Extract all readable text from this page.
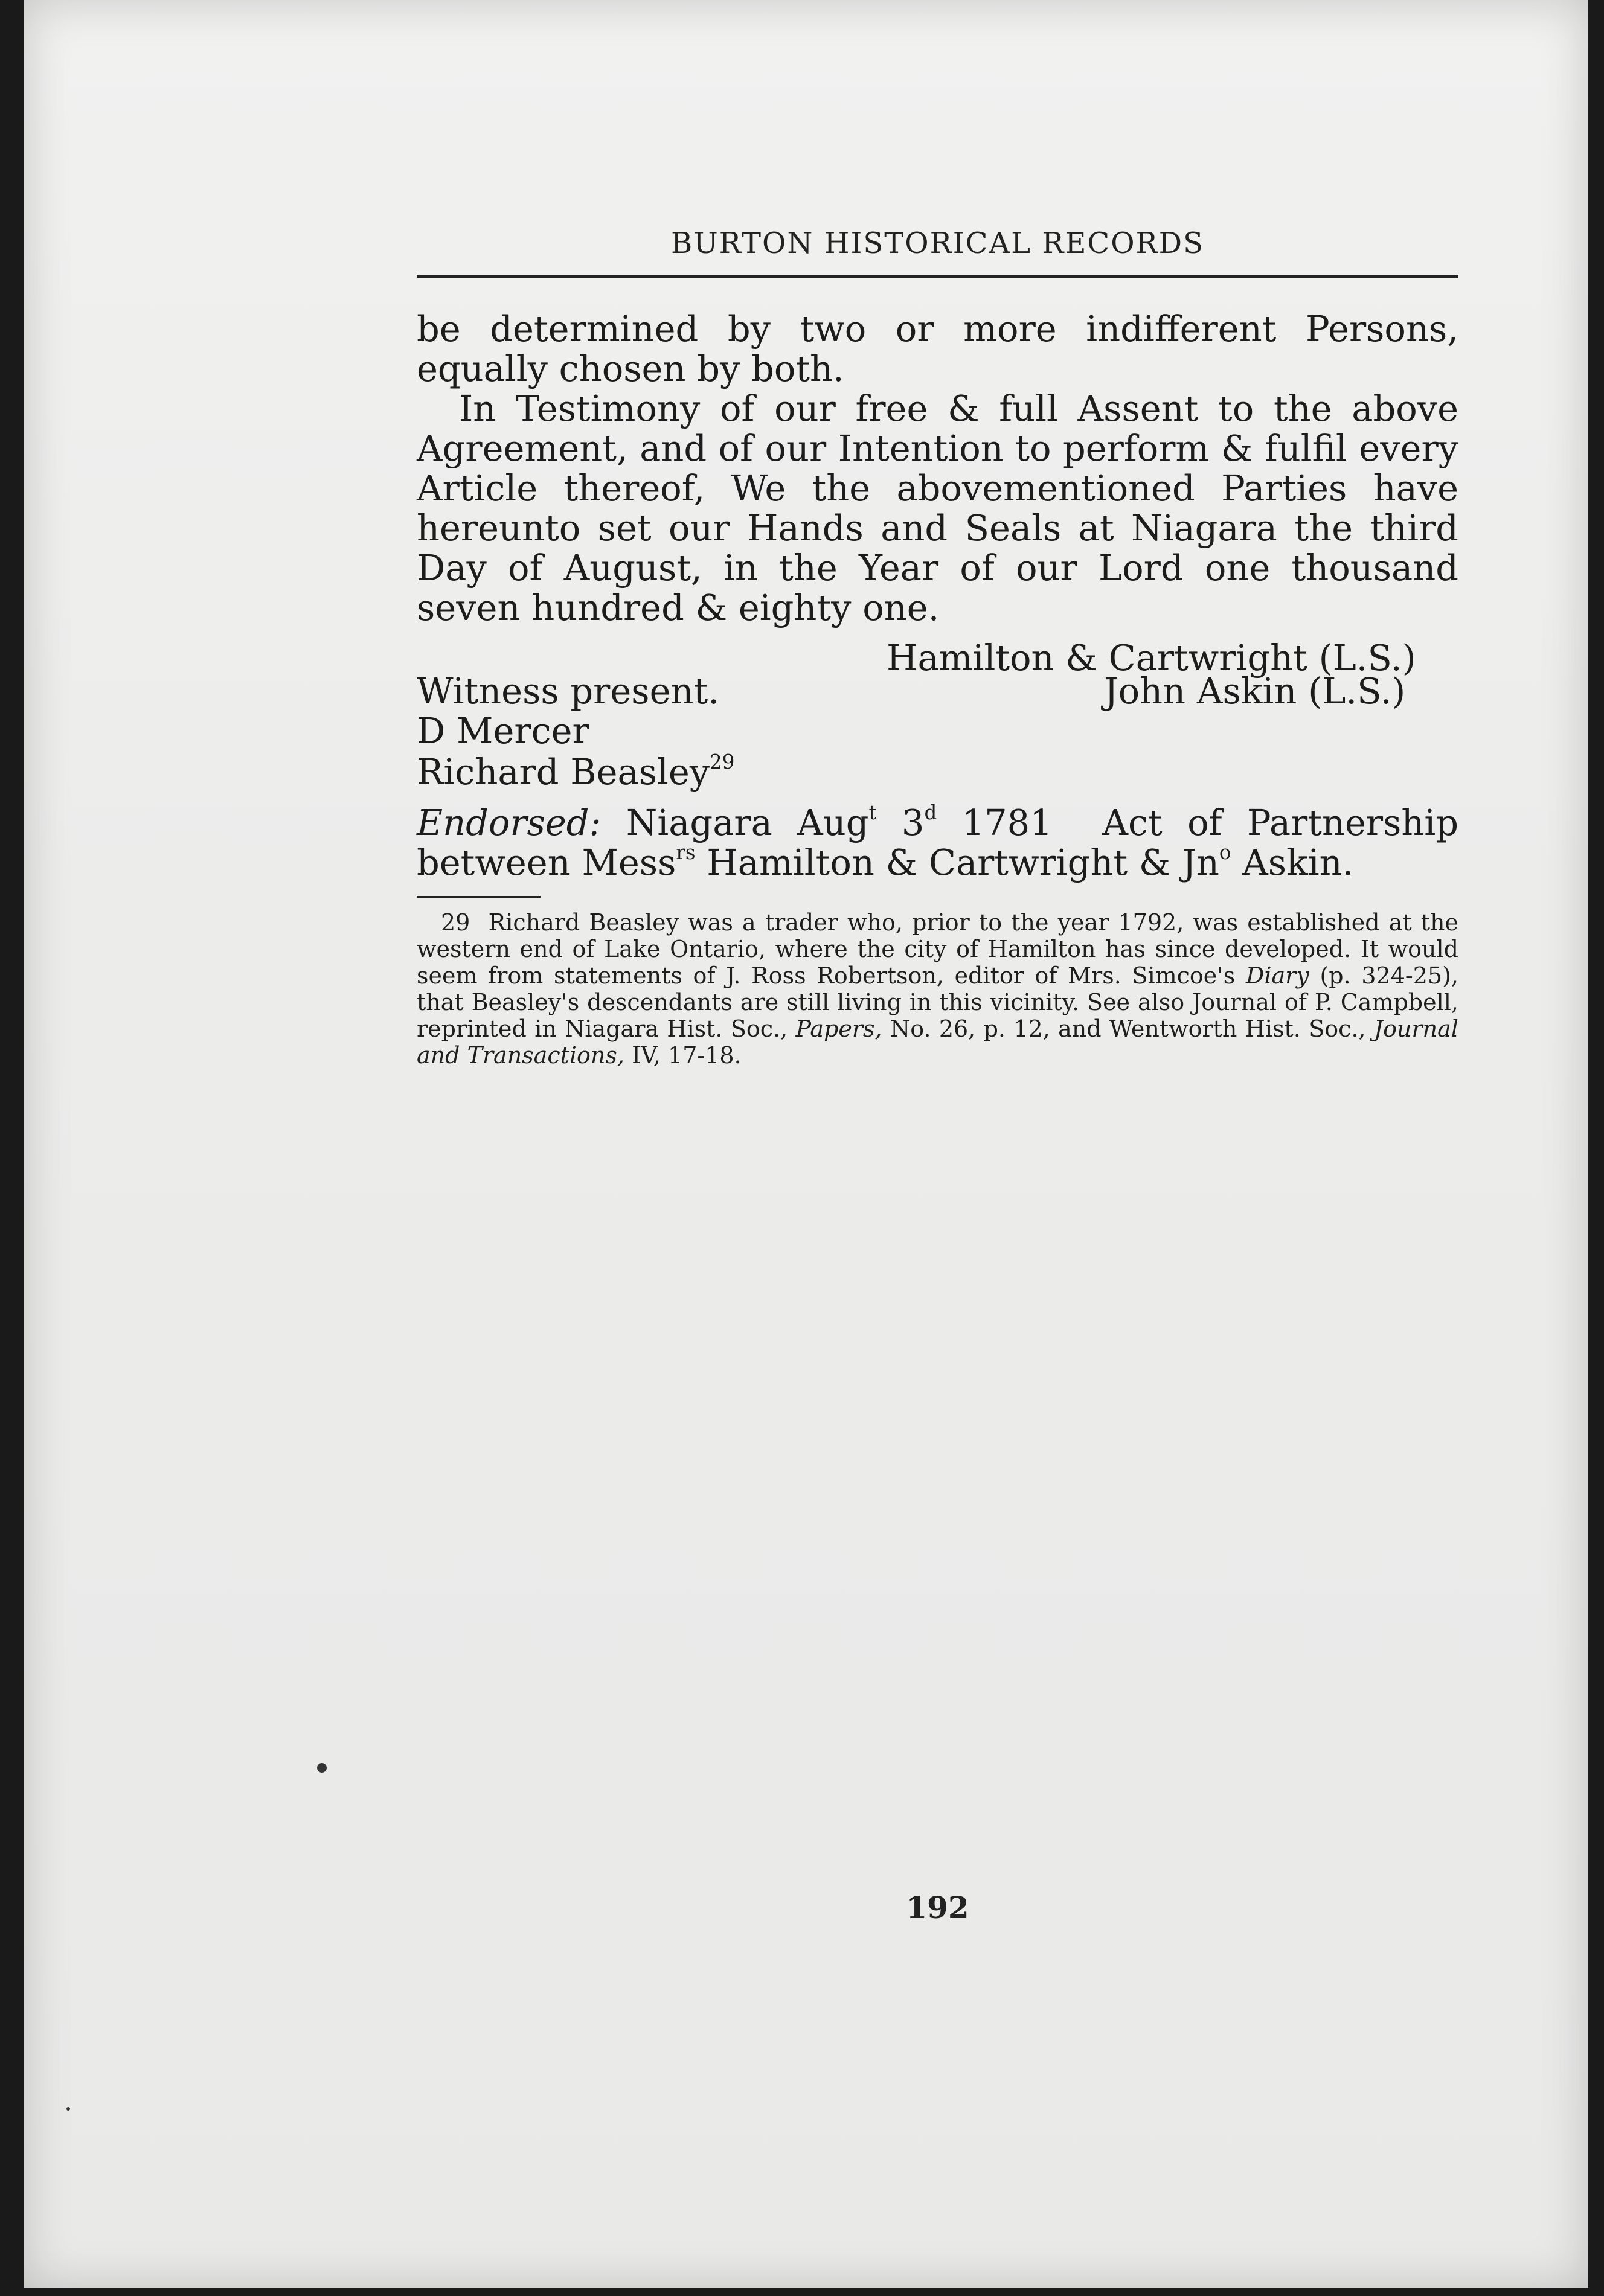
BURTON HISTORICAL RECORDS

be determined by two or more indifferent Persons, equally chosen by both.

In Testimony of our free & full Assent to the above Agreement, and of our Intention to perform & fulfil every Article thereof, We the abovementioned Parties have hereunto set our Hands and Seals at Niagara the third Day of August, in the Year of our Lord one thousand seven hundred & eighty one.

Hamilton & Cartwright (L.S.)
Witness present.	John Askin (L.S.)
D Mercer
Richard Beasley$^{29}$
Endorsed: Niagara Aug$^t$ 3$^d$ 1781 Act of Partnership between Mess$^{rs}$ Hamilton & Cartwright & Jn$^o$ Askin.
29 Richard Beasley was a trader who, prior to the year 1792, was established at the western end of Lake Ontario, where the city of Hamilton has since developed. It would seem from statements of J. Ross Robertson, editor of Mrs. Simcoe's Diary (p. 324-25), that Beasley's descendants are still living in this vicinity. See also Journal of P. Campbell, reprinted in Niagara Hist. Soc., Papers, No. 26, p. 12, and Wentworth Hist. Soc., Journal and Transactions, IV, 17-18.
192
